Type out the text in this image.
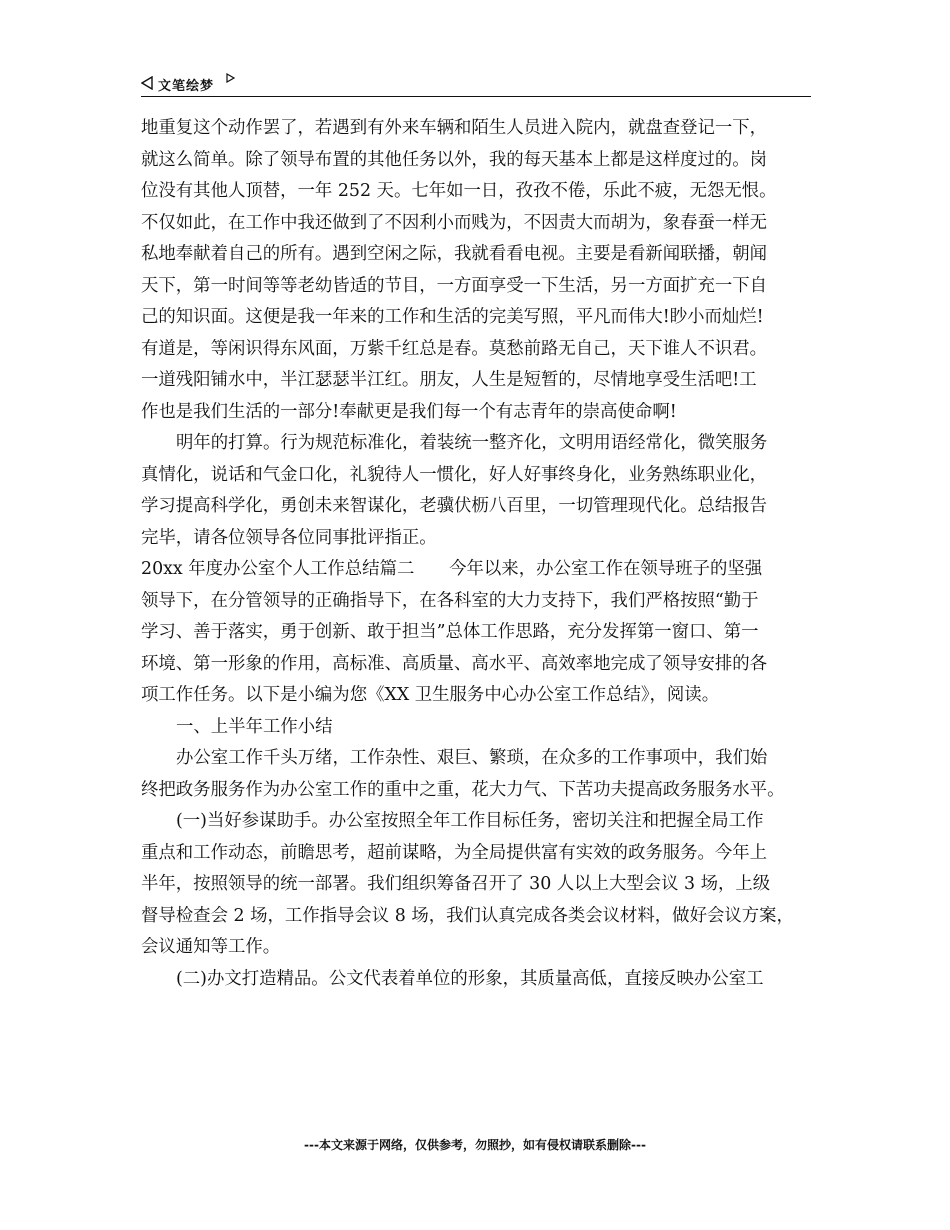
文笔绘梦
地重复这个动作罢了，若遇到有外来车辆和陌生人员进入院内，就盘查登记一下，
就这么简单。除了领导布置的其他任务以外，我的每天基本上都是这样度过的。岗
位没有其他人顶替，一年 252 天。七年如一日，孜孜不倦，乐此不疲，无怨无恨。
不仅如此，在工作中我还做到了不因利小而贱为，不因责大而胡为，象春蚕一样无
私地奉献着自己的所有。遇到空闲之际，我就看看电视。主要是看新闻联播，朝闻
天下，第一时间等等老幼皆适的节目，一方面享受一下生活，另一方面扩充一下自
己的知识面。这便是我一年来的工作和生活的完美写照，平凡而伟大!眇小而灿烂!
有道是，等闲识得东风面，万紫千红总是春。莫愁前路无自己，天下谁人不识君。
一道残阳铺水中，半江瑟瑟半江红。朋友，人生是短暂的，尽情地享受生活吧!工
作也是我们生活的一部分!奉献更是我们每一个有志青年的崇高使命啊!
明年的打算。行为规范标准化，着装统一整齐化，文明用语经常化，微笑服务
真情化，说话和气金口化，礼貌待人一惯化，好人好事终身化，业务熟练职业化，
学习提高科学化，勇创未来智谋化，老骥伏枥八百里，一切管理现代化。总结报告
完毕，请各位领导各位同事批评指正。
20xx 年度办公室个人工作总结篇二　　今年以来，办公室工作在领导班子的坚强
领导下，在分管领导的正确指导下，在各科室的大力支持下，我们严格按照“勤于
学习、善于落实，勇于创新、敢于担当”总体工作思路，充分发挥第一窗口、第一
环境、第一形象的作用，高标准、高质量、高水平、高效率地完成了领导安排的各
项工作任务。以下是小编为您《XX 卫生服务中心办公室工作总结》，阅读。
一、上半年工作小结
办公室工作千头万绪，工作杂性、艰巨、繁琐，在众多的工作事项中，我们始
终把政务服务作为办公室工作的重中之重，花大力气、下苦功夫提高政务服务水平。
(一)当好参谋助手。办公室按照全年工作目标任务，密切关注和把握全局工作
重点和工作动态，前瞻思考，超前谋略，为全局提供富有实效的政务服务。今年上
半年，按照领导的统一部署。我们组织筹备召开了 30 人以上大型会议 3 场，上级
督导检查会 2 场，工作指导会议 8 场，我们认真完成各类会议材料，做好会议方案，
会议通知等工作。
(二)办文打造精品。公文代表着单位的形象，其质量高低，直接反映办公室工
---本文来源于网络，仅供参考，勿照抄，如有侵权请联系删除---
